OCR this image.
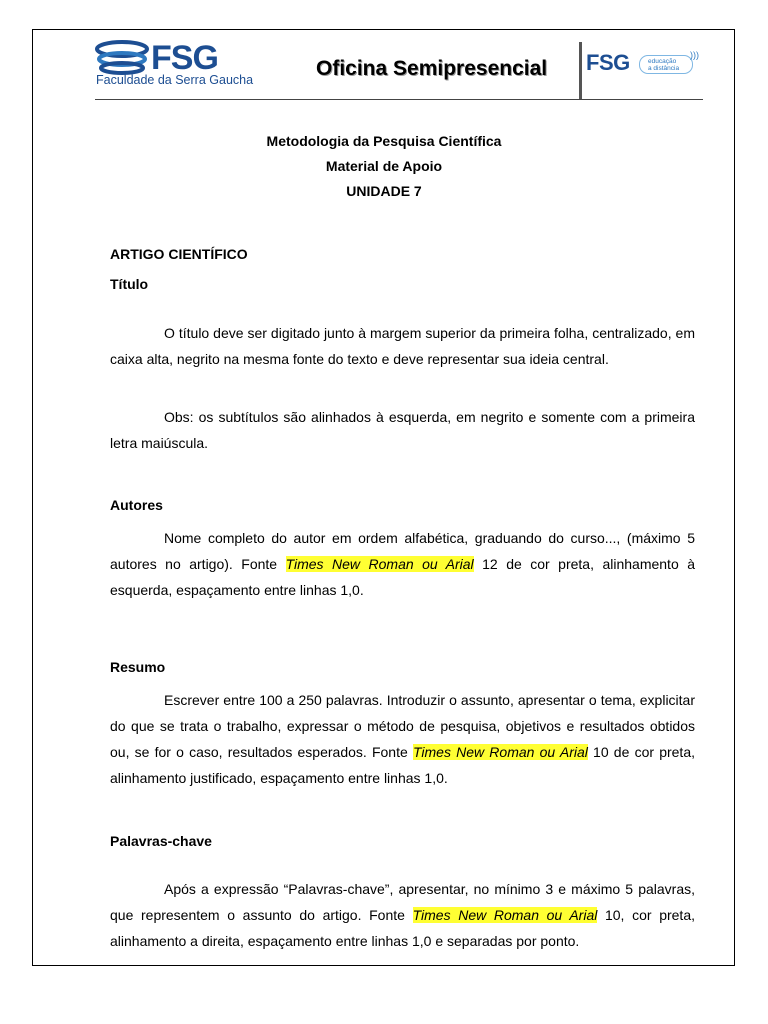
FSG
Faculdade da Serra Gaucha	Oficina Semipresencial FSG	educação
a distância
)))
Metodologia da Pesquisa Científica
Material de Apoio
UNIDADE 7
ARTIGO CIENTÍFICO
Título
O título deve ser digitado junto à margem superior da primeira folha, centralizado, em caixa alta, negrito na mesma fonte do texto e deve representar sua ideia central.
Obs: os subtítulos são alinhados à esquerda, em negrito e somente com a primeira letra maiúscula.
Autores
Nome completo do autor em ordem alfabética, graduando do curso..., (máximo 5 autores no artigo). Fonte Times New Roman ou Arial 12 de cor preta, alinhamento à esquerda, espaçamento entre linhas 1,0.
Resumo
Escrever entre 100 a 250 palavras. Introduzir o assunto, apresentar o tema, explicitar do que se trata o trabalho, expressar o método de pesquisa, objetivos e resultados obtidos ou, se for o caso, resultados esperados. Fonte Times New Roman ou Arial 10 de cor preta, alinhamento justificado, espaçamento entre linhas 1,0.
Palavras-chave
Após a expressão “Palavras-chave”, apresentar, no mínimo 3 e máximo 5 palavras, que representem o assunto do artigo. Fonte Times New Roman ou Arial 10, cor preta, alinhamento a direita, espaçamento entre linhas 1,0 e separadas por ponto.
